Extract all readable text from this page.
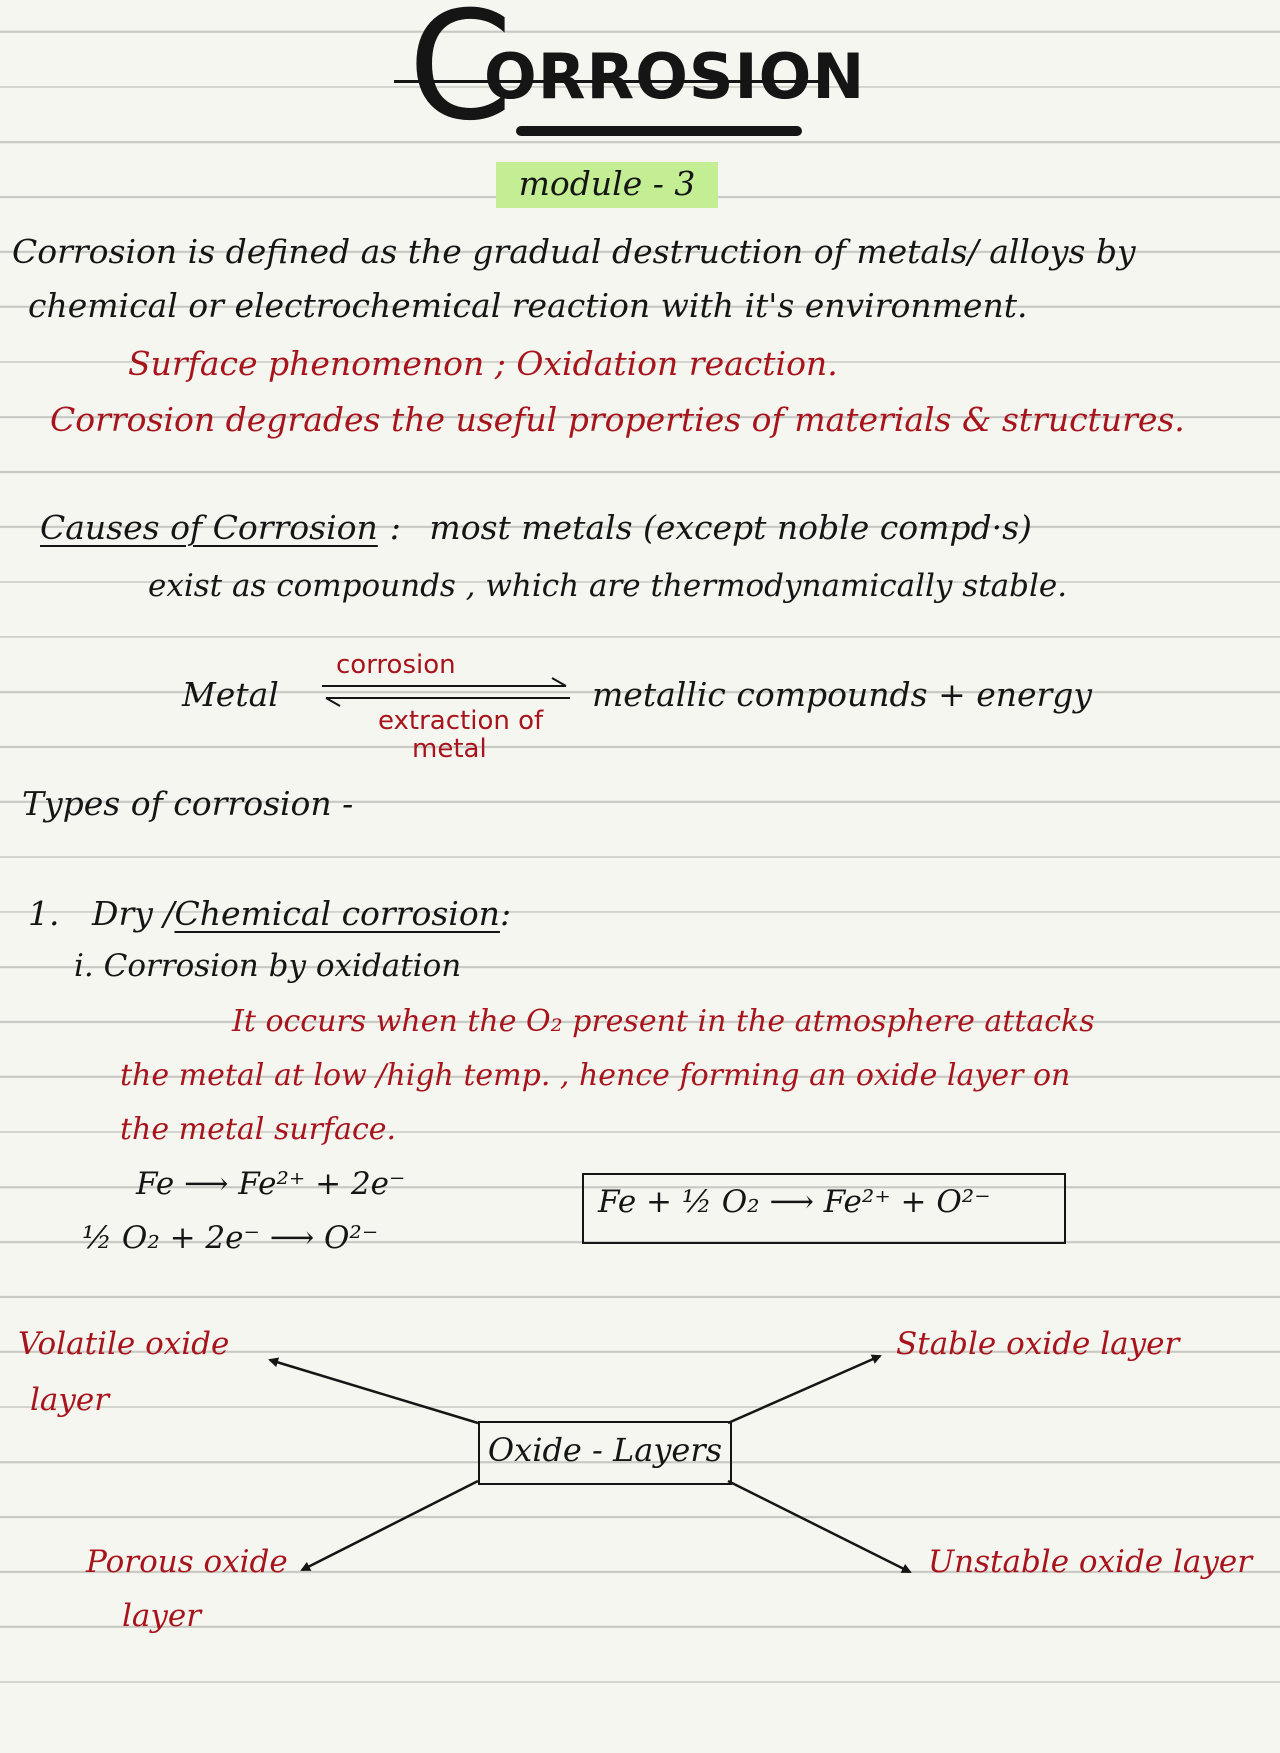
C
ORROSION
module - 3
Corrosion is defined as the gradual destruction of metals/ alloys by
chemical or electrochemical reaction with it's environment.
Surface phenomenon ; Oxidation reaction.
Corrosion degrades the useful properties of materials & structures.
Causes of Corrosion : most metals (except noble compd·s)
exist as compounds , which are thermodynamically stable.
Metal
corrosion
extraction of
metal
metallic compounds + energy
Types of corrosion -
1. Dry /Chemical corrosion:
i. Corrosion by oxidation
It occurs when the O₂ present in the atmosphere attacks
the metal at low /high temp. , hence forming an oxide layer on
the metal surface.
Fe ⟶ Fe²⁺ + 2e⁻
½ O₂ + 2e⁻ ⟶ O²⁻
Fe + ½ O₂ ⟶ Fe²⁺ + O²⁻
Oxide - Layers
Volatile oxide
layer
Stable oxide layer
Porous oxide
layer
Unstable oxide layer
